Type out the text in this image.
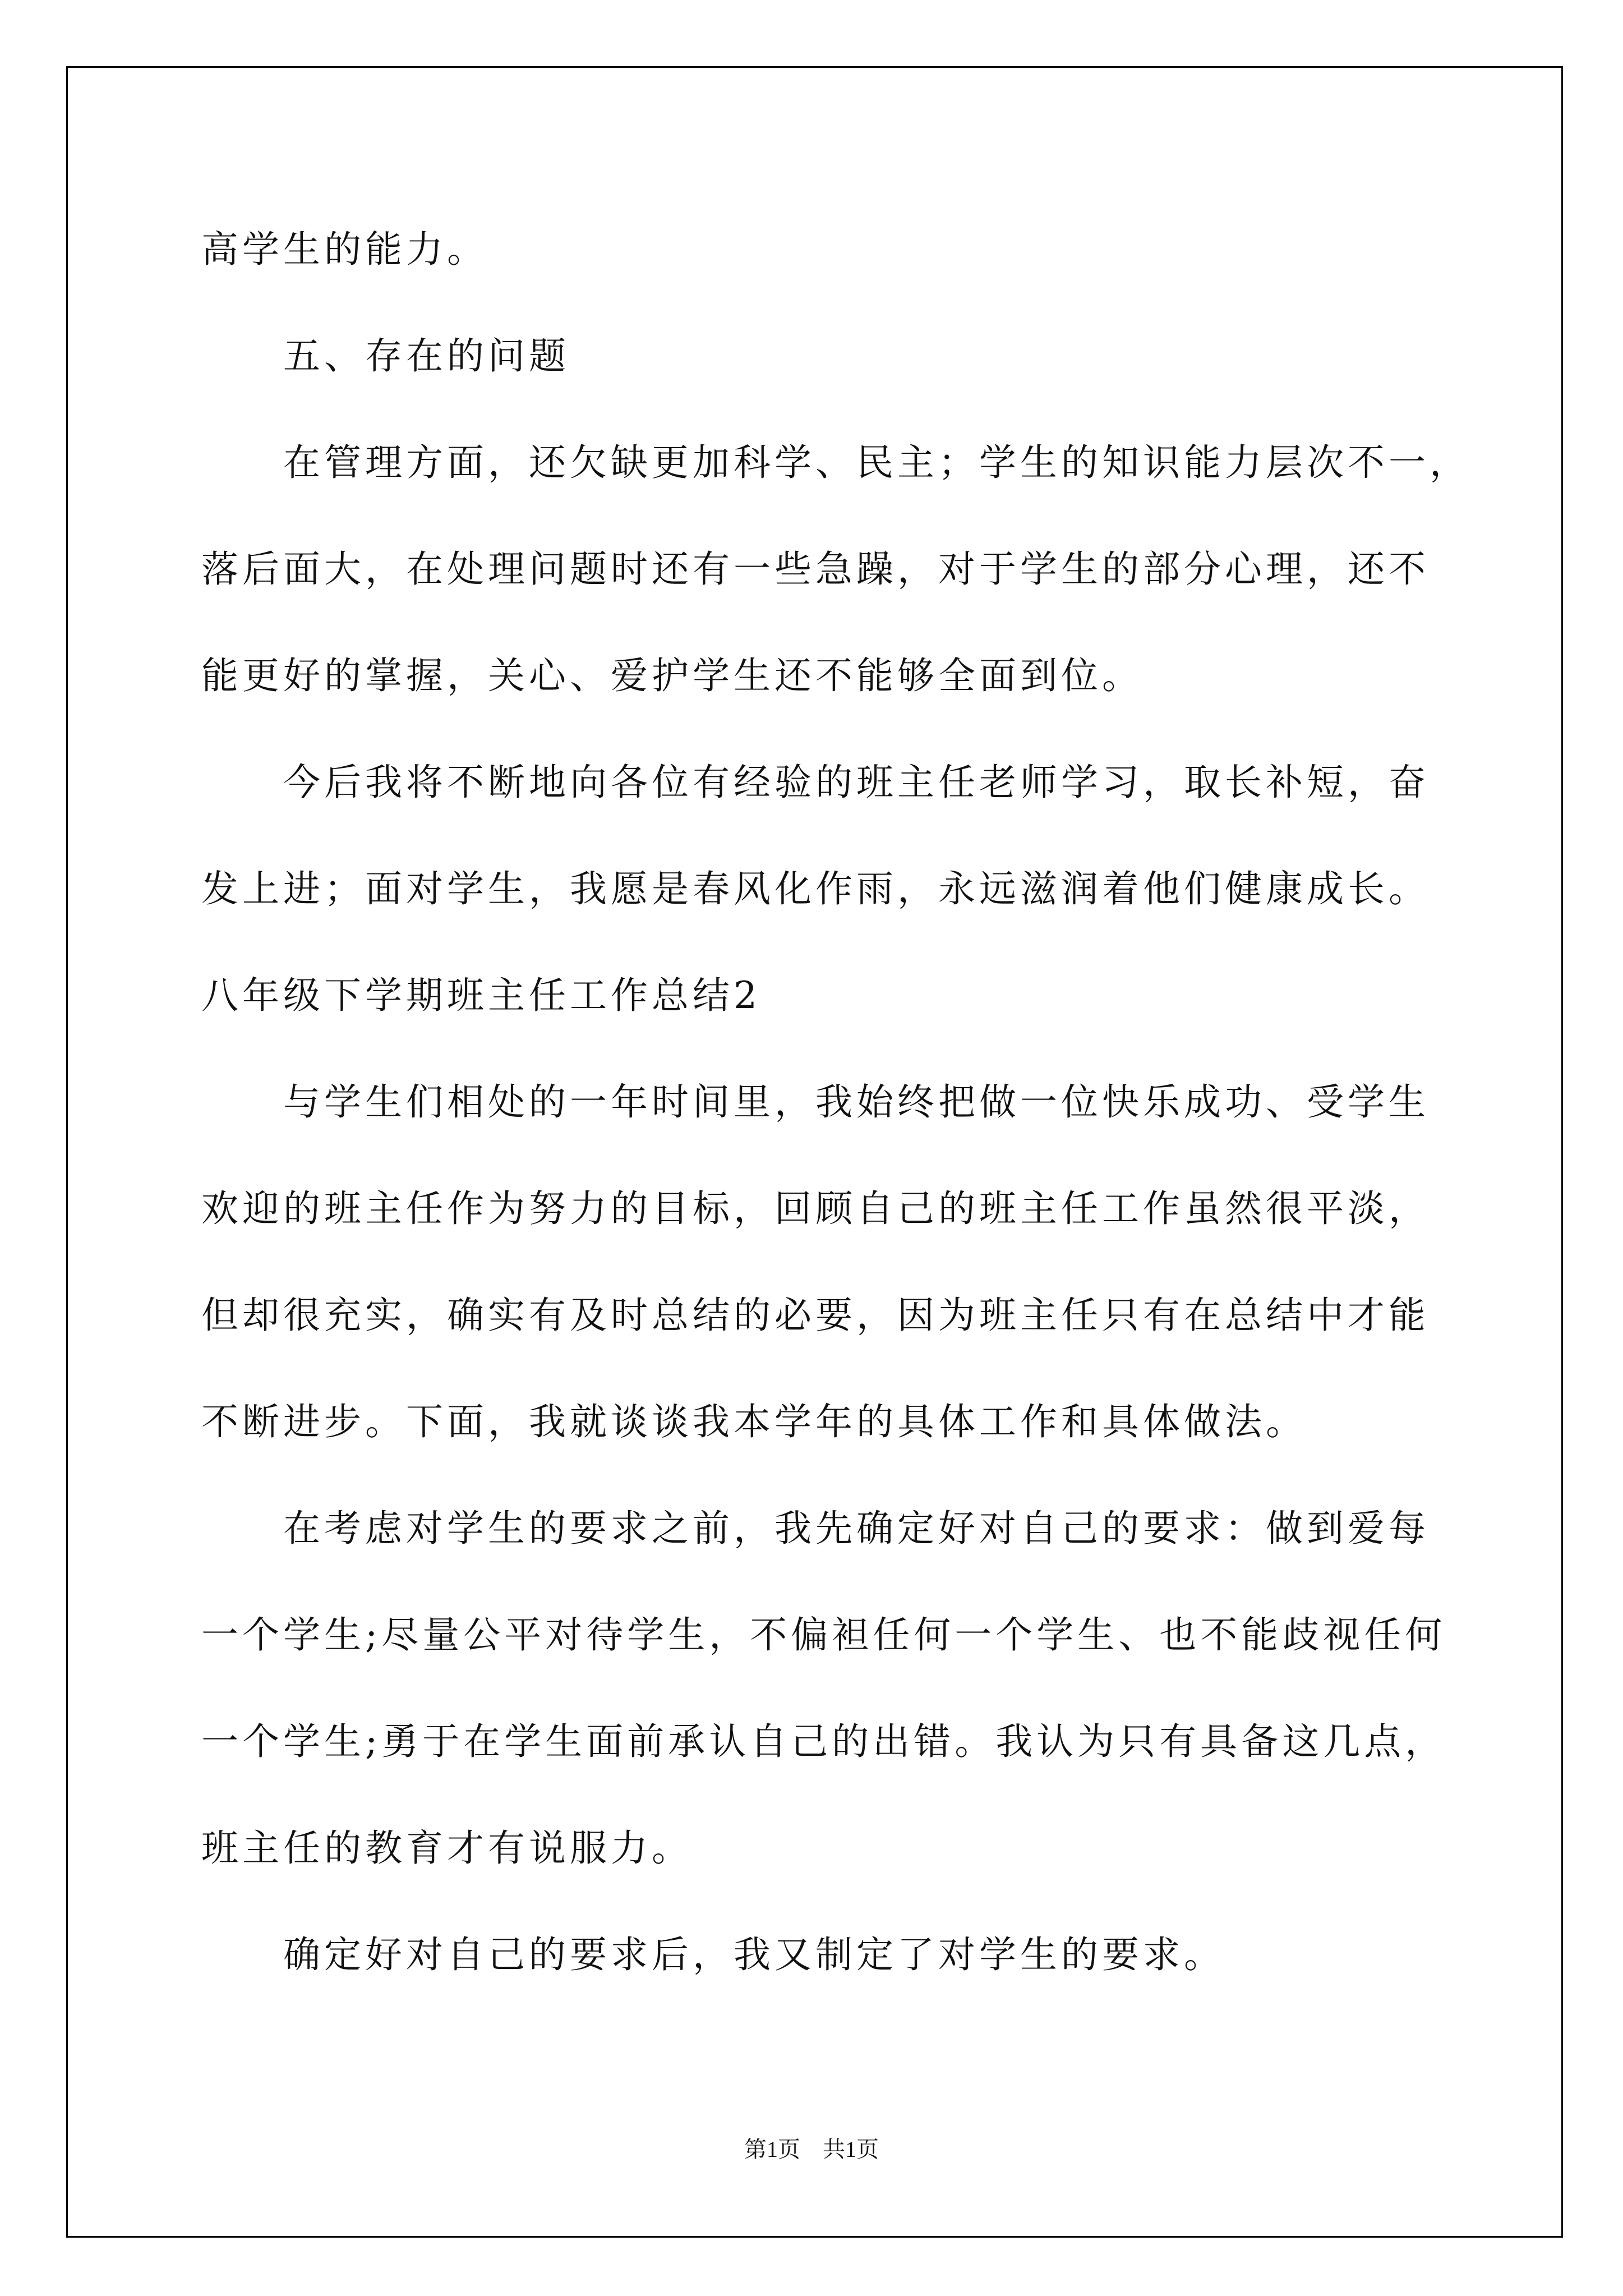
高学生的能力。
五、存在的问题
在管理方面，还欠缺更加科学、民主；学生的知识能力层次不一，
落后面大，在处理问题时还有一些急躁，对于学生的部分心理，还不
能更好的掌握，关心、爱护学生还不能够全面到位。
今后我将不断地向各位有经验的班主任老师学习，取长补短，奋
发上进；面对学生，我愿是春风化作雨，永远滋润着他们健康成长。
八年级下学期班主任工作总结2
与学生们相处的一年时间里，我始终把做一位快乐成功、受学生
欢迎的班主任作为努力的目标，回顾自己的班主任工作虽然很平淡，
但却很充实，确实有及时总结的必要，因为班主任只有在总结中才能
不断进步。下面，我就谈谈我本学年的具体工作和具体做法。
在考虑对学生的要求之前，我先确定好对自己的要求：做到爱每
一个学生;尽量公平对待学生，不偏袒任何一个学生、也不能歧视任何
一个学生;勇于在学生面前承认自己的出错。我认为只有具备这几点，
班主任的教育才有说服力。
确定好对自己的要求后，我又制定了对学生的要求。
第1页　共1页
